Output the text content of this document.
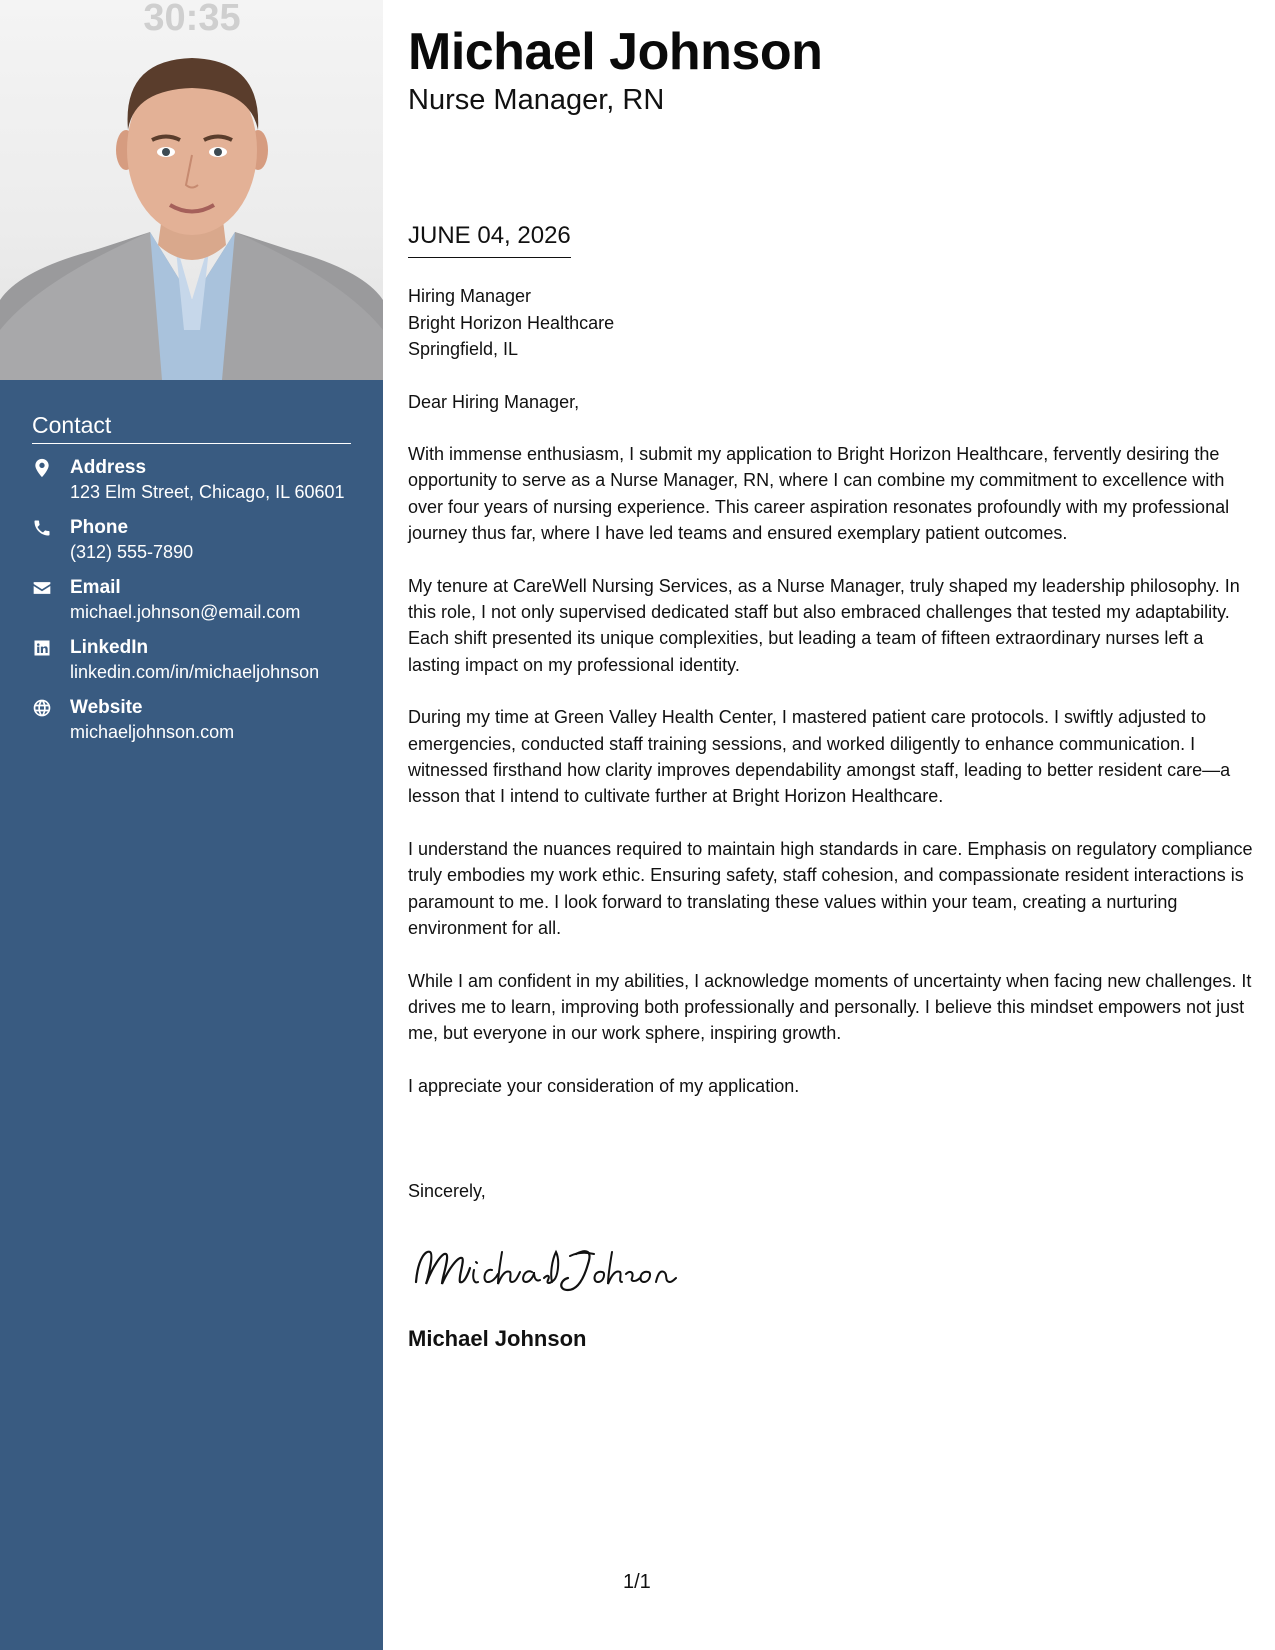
30:35
Contact
Address
123 Elm Street, Chicago, IL 60601
Phone
(312) 555-7890
Email
michael.johnson@email.com
LinkedIn
linkedin.com/in/michaeljohnson
Website
michaeljohnson.com
Michael Johnson
Nurse Manager, RN
JUNE 04, 2026
Hiring Manager
Bright Horizon Healthcare
Springfield, IL
Dear Hiring Manager,

With immense enthusiasm, I submit my application to Bright Horizon Healthcare, fervently desiring the opportunity to serve as a Nurse Manager, RN, where I can combine my commitment to excellence with over four years of nursing experience. This career aspiration resonates profoundly with my professional journey thus far, where I have led teams and ensured exemplary patient outcomes.

My tenure at CareWell Nursing Services, as a Nurse Manager, truly shaped my leadership philosophy. In this role, I not only supervised dedicated staff but also embraced challenges that tested my adaptability. Each shift presented its unique complexities, but leading a team of fifteen extraordinary nurses left a lasting impact on my professional identity.

During my time at Green Valley Health Center, I mastered patient care protocols. I swiftly adjusted to emergencies, conducted staff training sessions, and worked diligently to enhance communication. I witnessed firsthand how clarity improves dependability amongst staff, leading to better resident care—a lesson that I intend to cultivate further at Bright Horizon Healthcare.

I understand the nuances required to maintain high standards in care. Emphasis on regulatory compliance truly embodies my work ethic. Ensuring safety, staff cohesion, and compassionate resident interactions is paramount to me. I look forward to translating these values within your team, creating a nurturing environment for all.

While I am confident in my abilities, I acknowledge moments of uncertainty when facing new challenges. It drives me to learn, improving both professionally and personally. I believe this mindset empowers not just me, but everyone in our work sphere, inspiring growth.

I appreciate your consideration of my application.

Sincerely,
Michael Johnson
1/1
